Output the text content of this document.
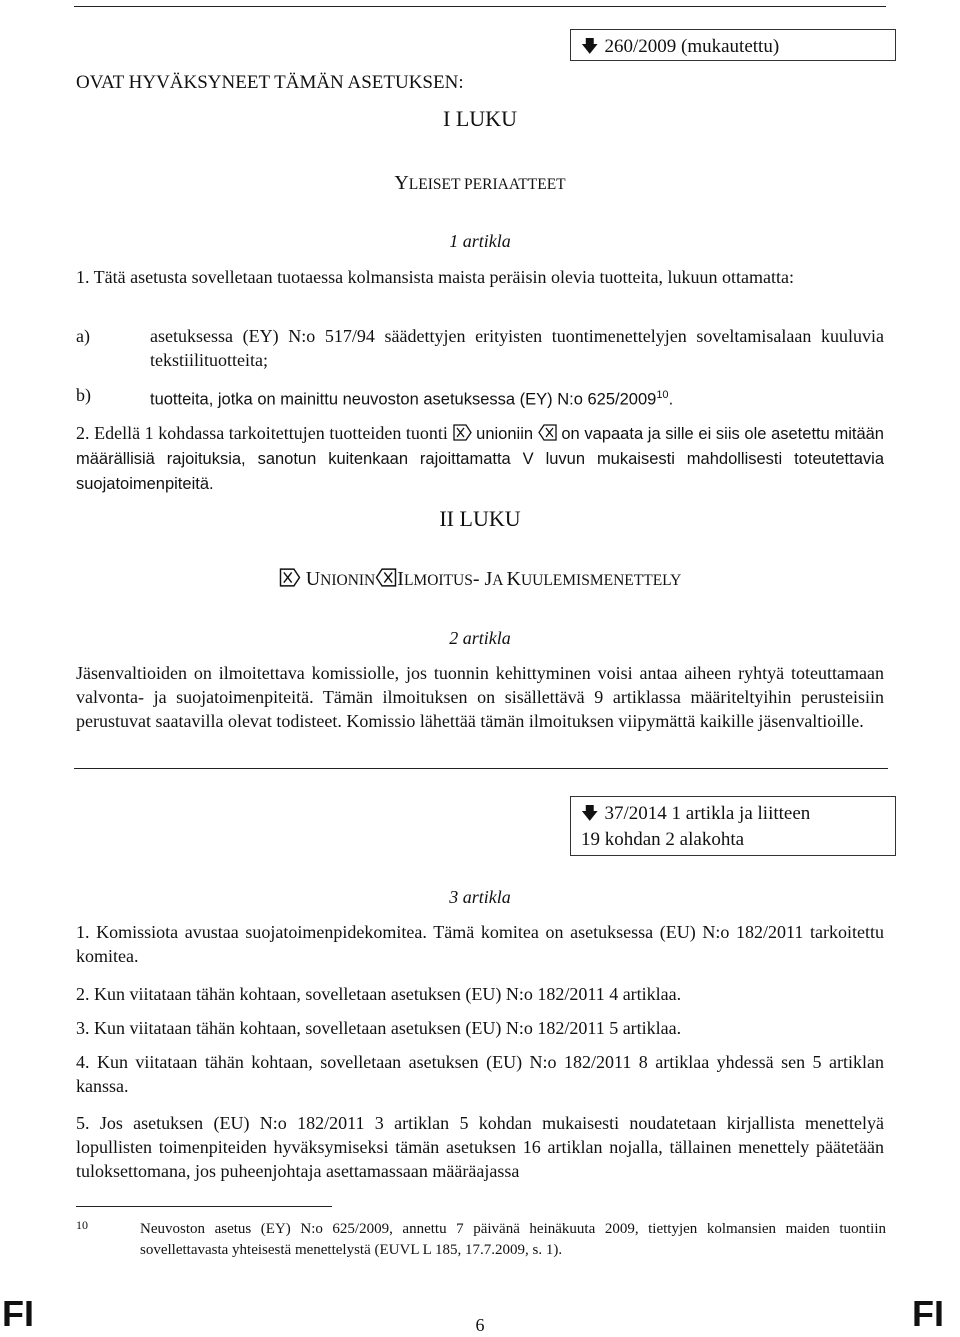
🡇 260/2009 (mukautettu)

OVAT HYVÄKSYNEET TÄMÄN ASETUKSEN:

I LUKU

YLEISET PERIAATTEET

1 artikla

1. Tätä asetusta sovelletaan tuotaessa kolmansista maista peräisin olevia tuotteita, lukuun ottamatta:

a)	asetuksessa (EY) N:o 517/94 säädettyjen erityisten tuontimenettelyjen soveltamisalaan kuuluvia tekstiilituotteita;
b)	tuotteita, jotka on mainittu neuvoston asetuksessa (EY) N:o 625/2009$^{10}$.

2. Edellä 1 kohdassa tarkoitettujen tuotteiden tuonti  unioniin  on vapaata ja sille ei siis ole asetettu mitään määrällisiä rajoituksia, sanotun kuitenkaan rajoittamatta V luvun mukaisesti mahdollisesti toteutettavia suojatoimenpiteitä.

II LUKU

UNIONIN ILMOITUS- JA KUULEMISMENETTELY

2 artikla

Jäsenvaltioiden on ilmoitettava komissiolle, jos tuonnin kehittyminen voisi antaa aiheen ryhtyä toteuttamaan valvonta- ja suojatoimenpiteitä. Tämän ilmoituksen on sisällettävä 9 artiklassa määriteltyihin perusteisiin perustuvat saatavilla olevat todisteet. Komissio lähettää tämän ilmoituksen viipymättä kaikille jäsenvaltioille.

🡇 37/2014 1 artikla ja liitteen
19 kohdan 2 alakohta

3 artikla

1. Komissiota avustaa suojatoimenpidekomitea. Tämä komitea on asetuksessa (EU) N:o 182/2011 tarkoitettu komitea.

2. Kun viitataan tähän kohtaan, sovelletaan asetuksen (EU) N:o 182/2011 4 artiklaa.

3. Kun viitataan tähän kohtaan, sovelletaan asetuksen (EU) N:o 182/2011 5 artiklaa.

4. Kun viitataan tähän kohtaan, sovelletaan asetuksen (EU) N:o 182/2011 8 artiklaa yhdessä sen 5 artiklan kanssa.

5. Jos asetuksen (EU) N:o 182/2011 3 artiklan 5 kohdan mukaisesti noudatetaan kirjallista menettelyä lopullisten toimenpiteiden hyväksymiseksi tämän asetuksen 16 artiklan nojalla, tällainen menettely päätetään tuloksettomana, jos puheenjohtaja asettamassaan määräajassa

10	Neuvoston asetus (EY) N:o 625/2009, annettu 7 päivänä heinäkuuta 2009, tiettyjen kolmansien maiden tuontiin sovellettavasta yhteisestä menettelystä (EUVL L 185, 17.7.2009, s. 1).

FI	6	FI
